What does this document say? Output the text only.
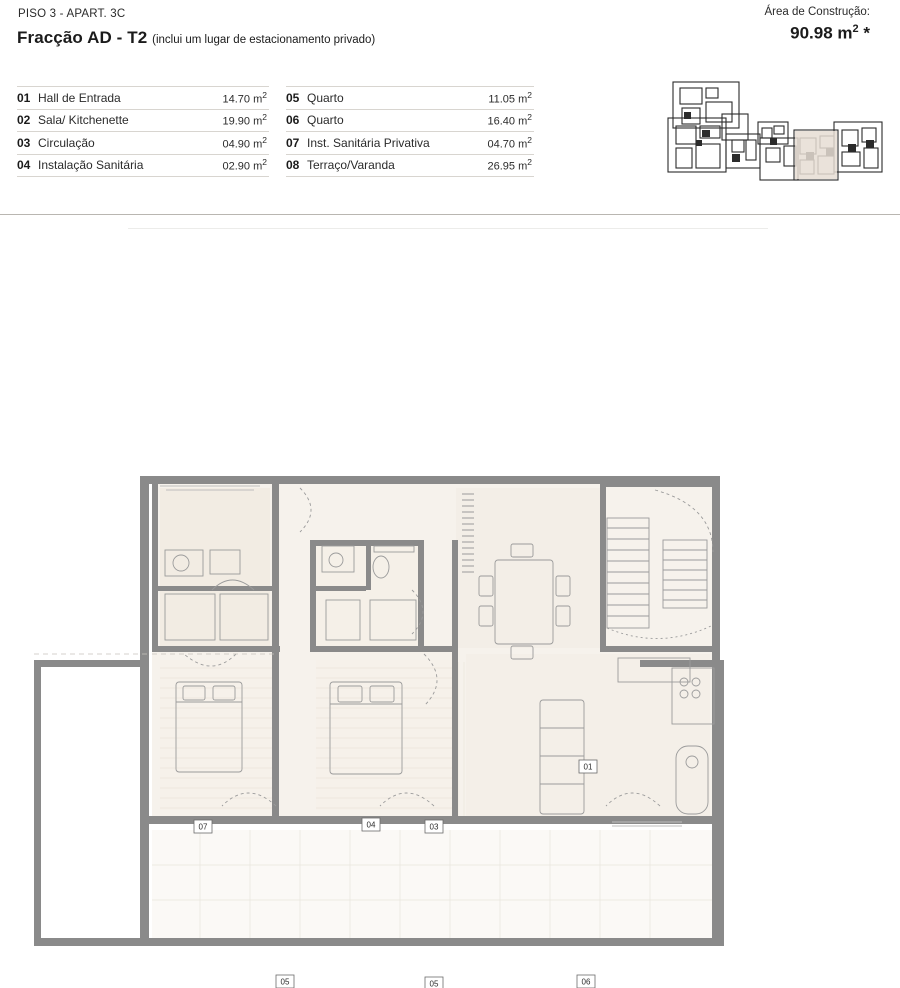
PISO 3 - APART. 3C
Fracção AD - T2 (inclui um lugar de estacionamento privado)
Área de Construção:
90.98 $m^2$ *
01 Hall de Entrada	14.70 $m^2$
02 Sala/ Kitchenette	19.90 $m^2$
03 Circulação	04.90 $m^2$
04 Instalação Sanitária	02.90 $m^2$
05 Quarto	11.05 $m^2$
06 Quarto	16.40 $m^2$
07 Inst. Sanitária Privativa	04.70 $m^2$
08 Terraço/Varanda	26.95 $m^2$
01
03
04
07
05	05	06
